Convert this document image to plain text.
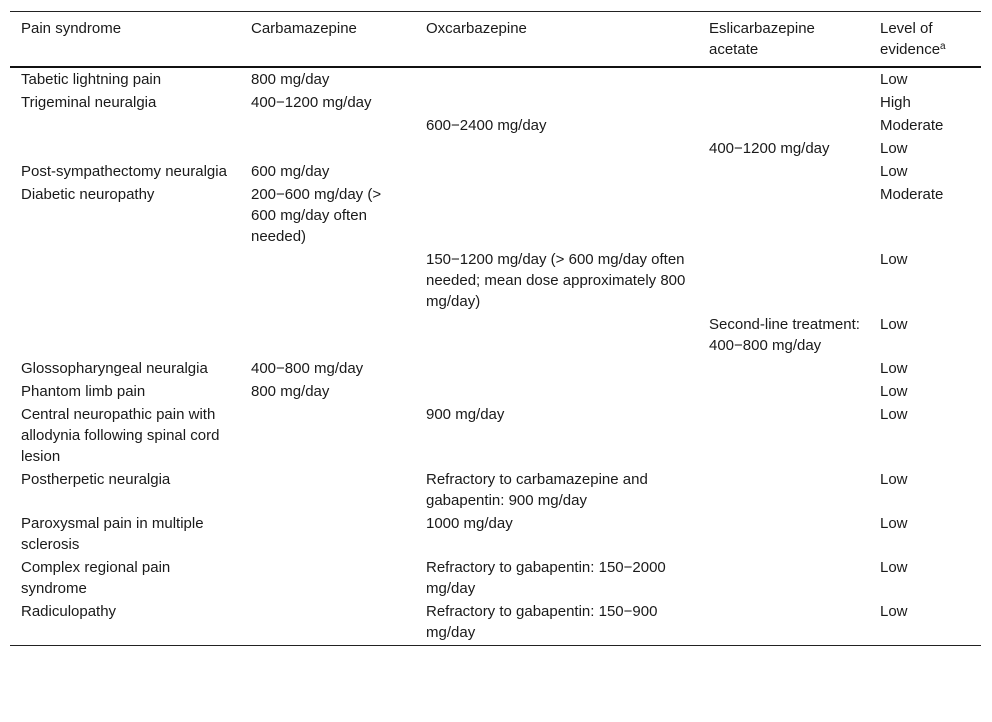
Pain syndrome	Carbamazepine	Oxcarbazepine	Eslicarbazepine acetate	Level of evidence$^a$
Tabetic lightning pain	800 mg/day			Low
Trigeminal neuralgia	400−1200 mg/day			High
		600−2400 mg/day		Moderate
			400−1200 mg/day	Low
Post-sympathectomy neuralgia	600 mg/day			Low
Diabetic neuropathy	200−600 mg/day (> 600 mg/day often needed)			Moderate
		150−1200 mg/day (> 600 mg/day often needed; mean dose approximately 800 mg/day)		Low
			Second-line treatment: 400−800 mg/day	Low
Glossopharyngeal neuralgia	400−800 mg/day			Low
Phantom limb pain	800 mg/day			Low
Central neuropathic pain with allodynia following spinal cord lesion		900 mg/day		Low
Postherpetic neuralgia		Refractory to carbamazepine and gabapentin: 900 mg/day		Low
Paroxysmal pain in multiple sclerosis		1000 mg/day		Low
Complex regional pain syndrome		Refractory to gabapentin: 150−2000 mg/day		Low
Radiculopathy		Refractory to gabapentin: 150−900 mg/day		Low
